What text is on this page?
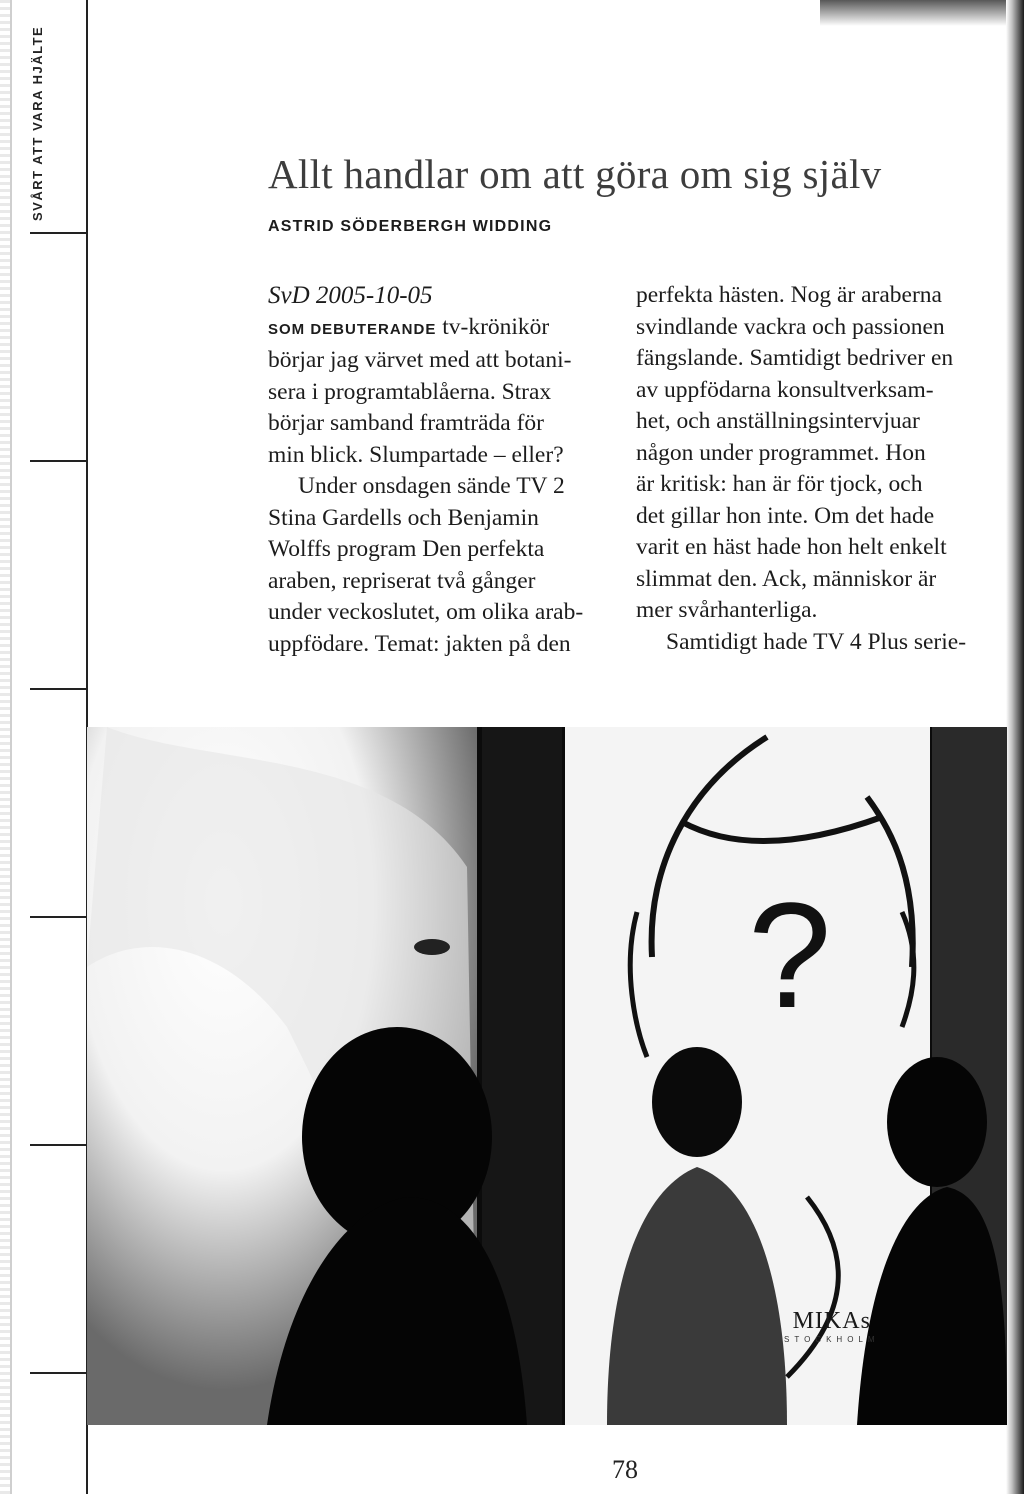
SVÅRT ATT VARA HJÄLTE	Allt handlar om att göra om sig själv
ASTRID SÖDERBERGH WIDDING
SvD 2005-10-05
SOM DEBUTERANDE tv-krönikör
börjar jag värvet med att botani-
sera i programtablåerna. Strax
börjar samband framträda för
min blick. Slumpartade – eller?
Under onsdagen sände TV 2
Stina Gardells och Benjamin
Wolffs program Den perfekta
araben, repriserat två gånger
under veckoslutet, om olika arab-
uppfödare. Temat: jakten på den
perfekta hästen. Nog är araberna
svindlande vackra och passionen
fängslande. Samtidigt bedriver en
av uppfödarna konsultverksam-
het, och anställningsintervjuar
någon under programmet. Hon
är kritisk: han är för tjock, och
det gillar hon inte. Om det hade
varit en häst hade hon helt enkelt
slimmat den. Ack, människor är
mer svårhanterliga.
Samtidigt hade TV 4 Plus serie-
?
MIKAs
STOCKHOLM
78
